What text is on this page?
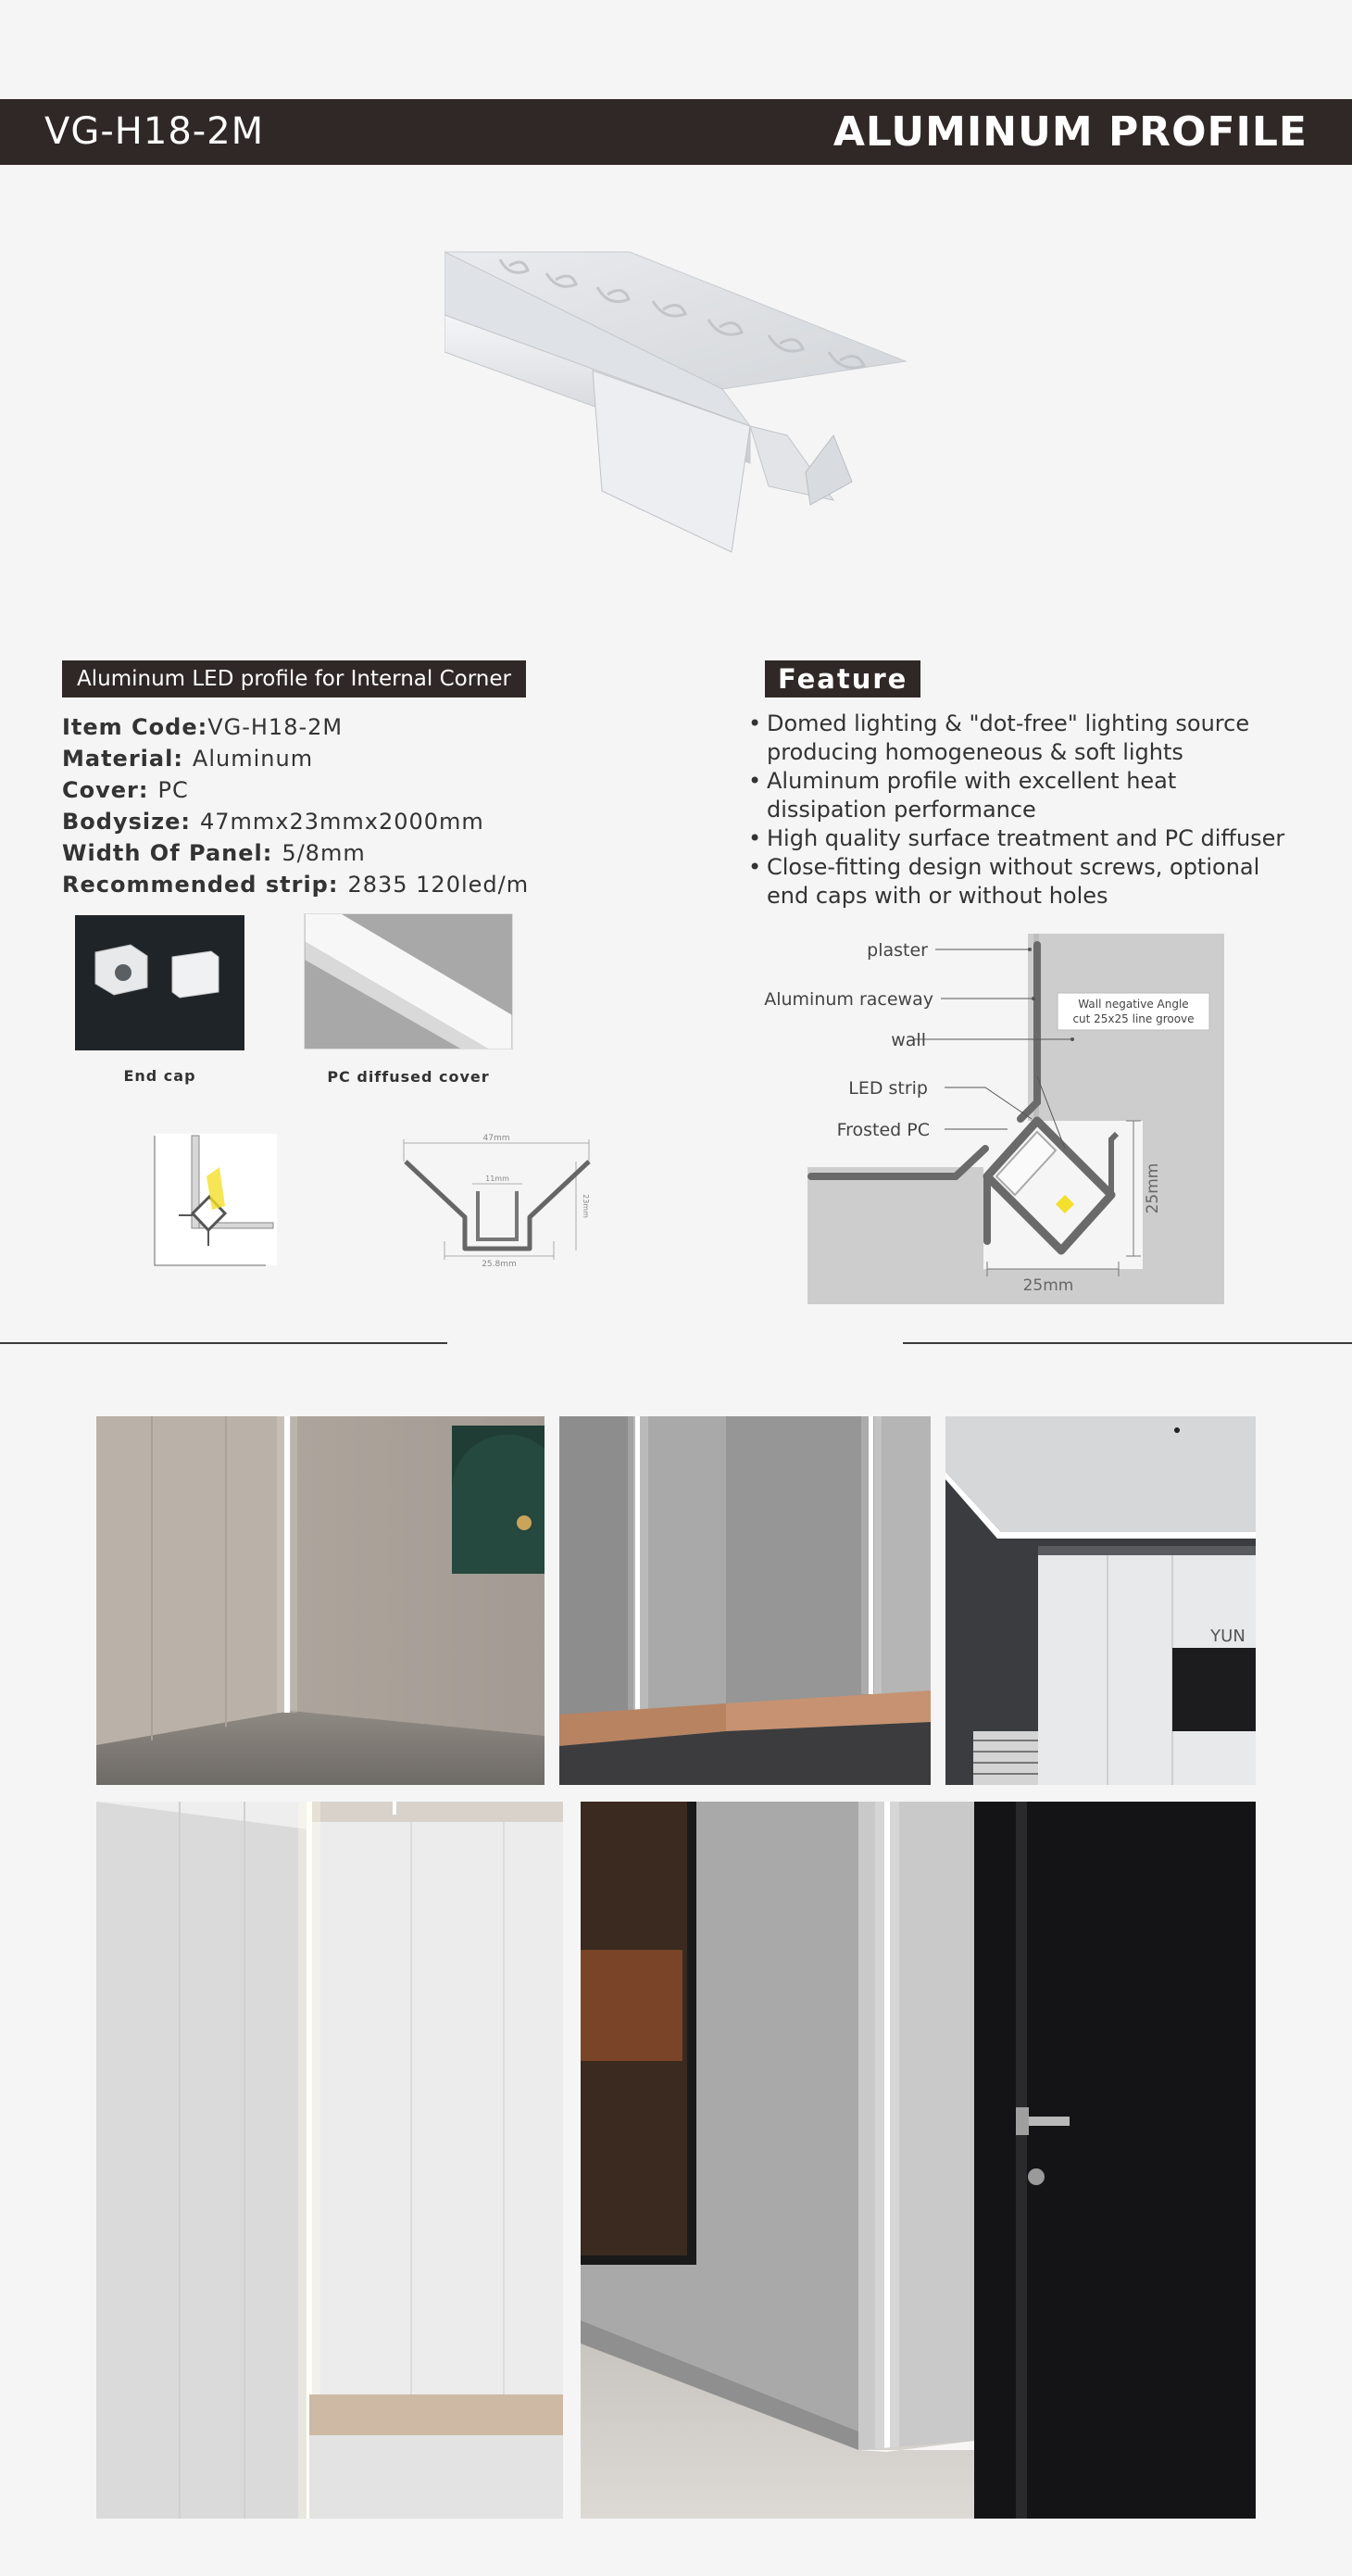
VG-H18-2M	ALUMINUM PROFILE
Aluminum LED profile for Internal Corner
Item Code:VG-H18-2M
Material: Aluminum
Cover: PC
Bodysize: 47mmx23mmx2000mm
Width Of Panel: 5/8mm
Recommended strip: 2835 120led/m
End cap	PC diffused cover
47mm
11mm
23mm
25.8mm
Feature
• Domed lighting & "dot-free" lighting source producing homogeneous & soft lights
• Aluminum profile with excellent heat dissipation performance
• High quality surface treatment and PC diffuser
• Close-fitting design without screws, optional end caps with or without holes
plaster
Aluminum raceway
wall
LED strip
Frosted PC
Wall negative Angle
cut 25x25 line groove
25mm
25mm
YUN
